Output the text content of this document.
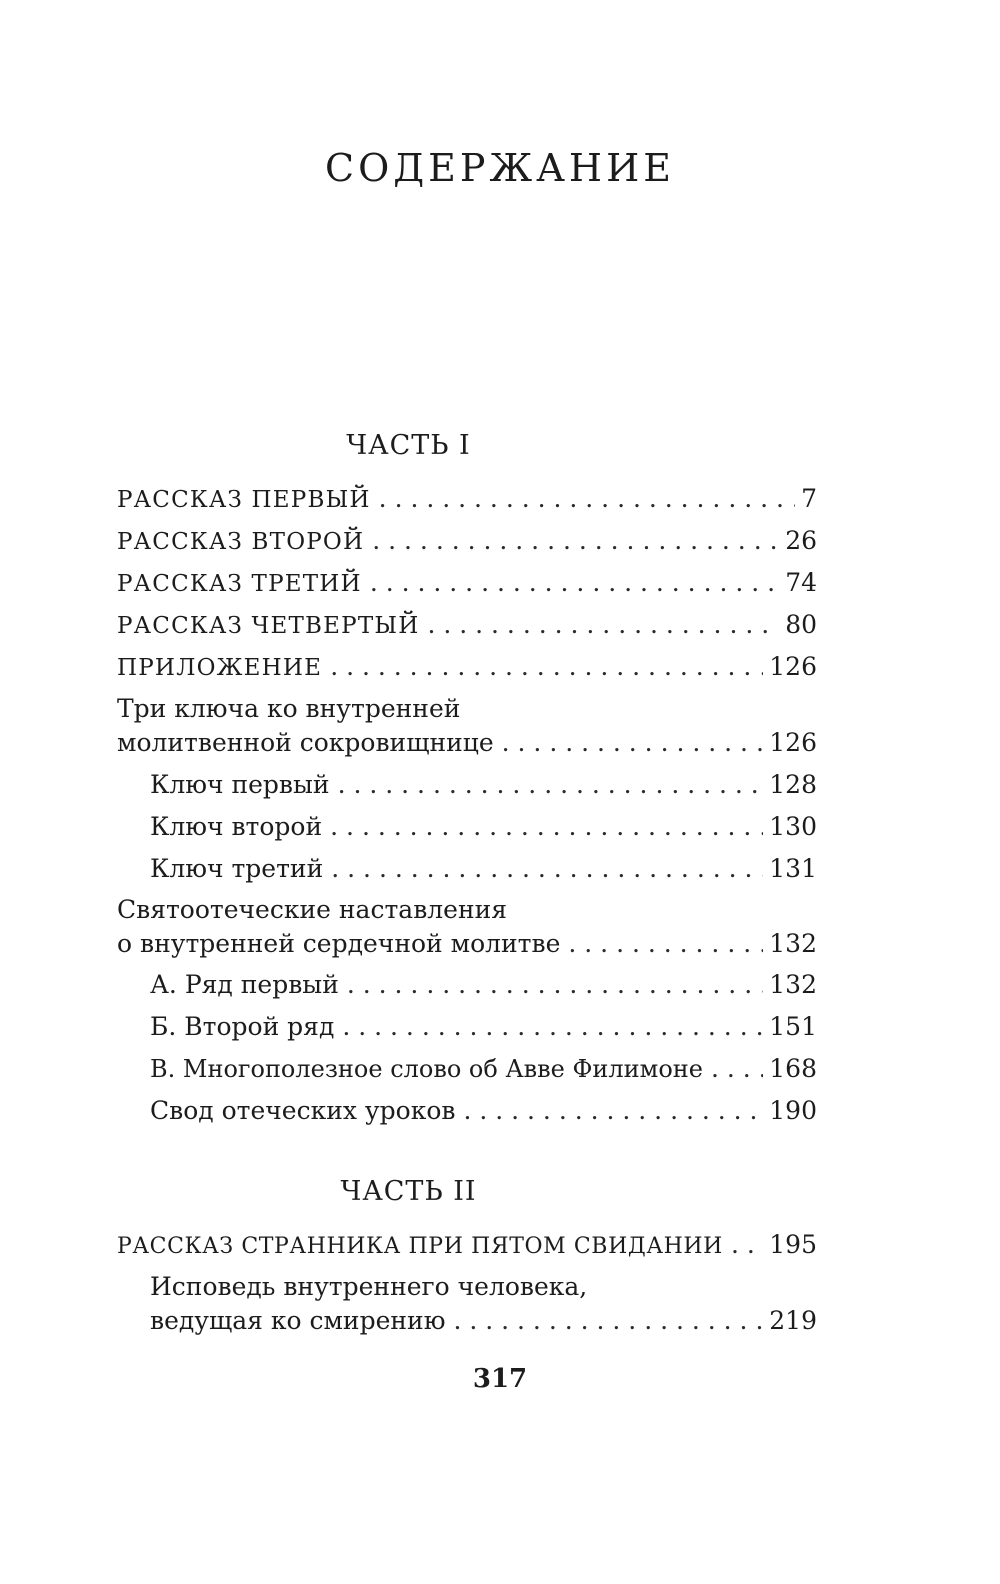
СОДЕРЖАНИЕ
ЧАСТЬ I
РАССКАЗ ПЕРВЫЙ . . .	7
РАССКАЗ ВТОРОЙ . . .	26
РАССКАЗ ТРЕТИЙ . . .	74
РАССКАЗ ЧЕТВЕРТЫЙ . . .	80
ПРИЛОЖЕНИЕ . . .	126
Три ключа ко внутренней
молитвенной сокровищнице . . .	126
Ключ первый . . .	128
Ключ второй . . .	130
Ключ третий . . .	131
Святоотеческие наставления
о внутренней сердечной молитве . . .	132
А. Ряд первый . . .	132
Б. Второй ряд . . .	151
В. Многополезное слово об Авве Филимоне . . .	168
Свод отеческих уроков . . .	190
ЧАСТЬ II
РАССКАЗ СТРАННИКА ПРИ ПЯТОМ СВИДАНИИ . . . 195
Исповедь внутреннего человека,
ведущая ко смирению . . .	219
317
